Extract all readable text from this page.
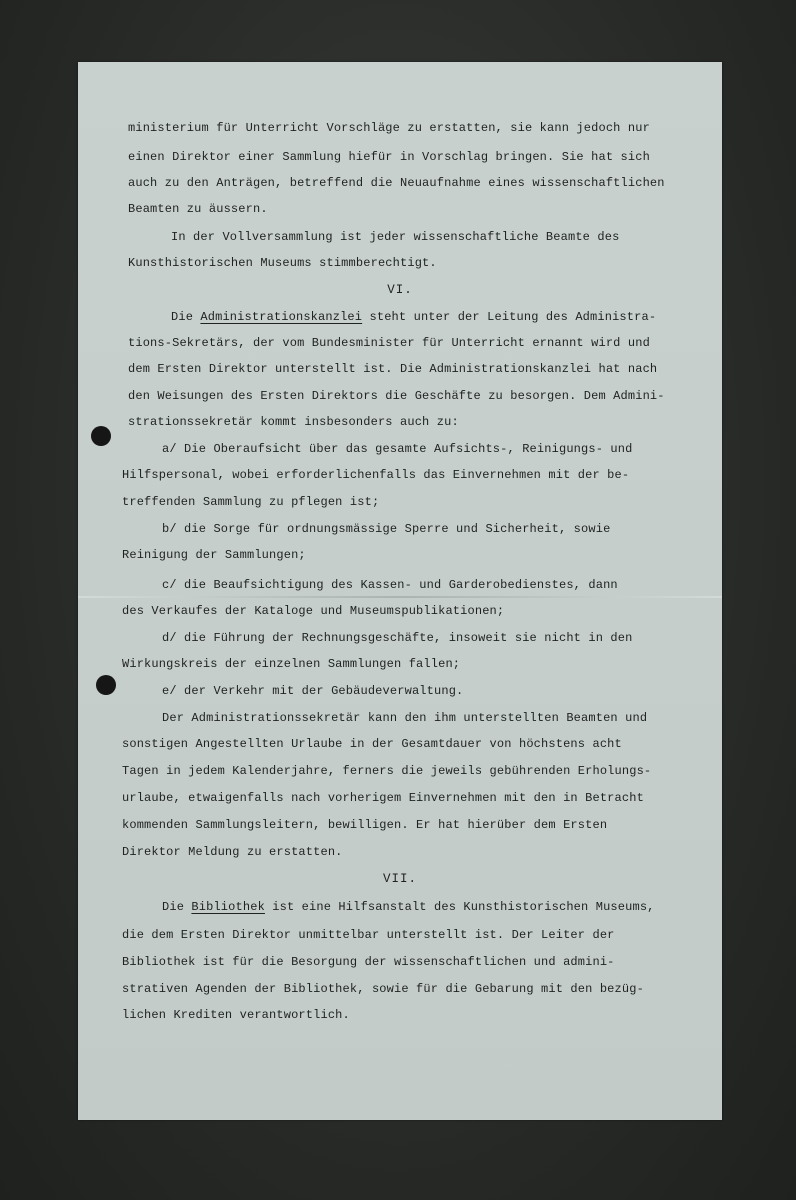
ministerium für Unterricht Vorschläge zu erstatten, sie kann jedoch nur

einen Direktor einer Sammlung hiefür in Vorschlag bringen. Sie hat sich

auch zu den Anträgen, betreffend die Neuaufnahme eines wissenschaftlichen

Beamten zu äussern.

In der Vollversammlung ist jeder wissenschaftliche Beamte des

Kunsthistorischen Museums stimmberechtigt.

VI.

Die Administrationskanzlei steht unter der Leitung des Administra-

tions-Sekretärs, der vom Bundesminister für Unterricht ernannt wird und

dem Ersten Direktor unterstellt ist. Die Administrationskanzlei hat nach

den Weisungen des Ersten Direktors die Geschäfte zu besorgen. Dem Admini-

strationssekretär kommt insbesonders auch zu:

a/ Die Oberaufsicht über das gesamte Aufsichts-, Reinigungs- und

Hilfspersonal, wobei erforderlichenfalls das Einvernehmen mit der be-

treffenden Sammlung zu pflegen ist;

b/ die Sorge für ordnungsmässige Sperre und Sicherheit, sowie

Reinigung der Sammlungen;

c/ die Beaufsichtigung des Kassen- und Garderobedienstes, dann

des Verkaufes der Kataloge und Museumspublikationen;

d/ die Führung der Rechnungsgeschäfte, insoweit sie nicht in den

Wirkungskreis der einzelnen Sammlungen fallen;

e/ der Verkehr mit der Gebäudeverwaltung.

Der Administrationssekretär kann den ihm unterstellten Beamten und

sonstigen Angestellten Urlaube in der Gesamtdauer von höchstens acht

Tagen in jedem Kalenderjahre, ferners die jeweils gebührenden Erholungs-

urlaube, etwaigenfalls nach vorherigem Einvernehmen mit den in Betracht

kommenden Sammlungsleitern, bewilligen. Er hat hierüber dem Ersten

Direktor Meldung zu erstatten.

VII.

Die Bibliothek ist eine Hilfsanstalt des Kunsthistorischen Museums,

die dem Ersten Direktor unmittelbar unterstellt ist. Der Leiter der

Bibliothek ist für die Besorgung der wissenschaftlichen und admini-

strativen Agenden der Bibliothek, sowie für die Gebarung mit den bezüg-

lichen Krediten verantwortlich.
